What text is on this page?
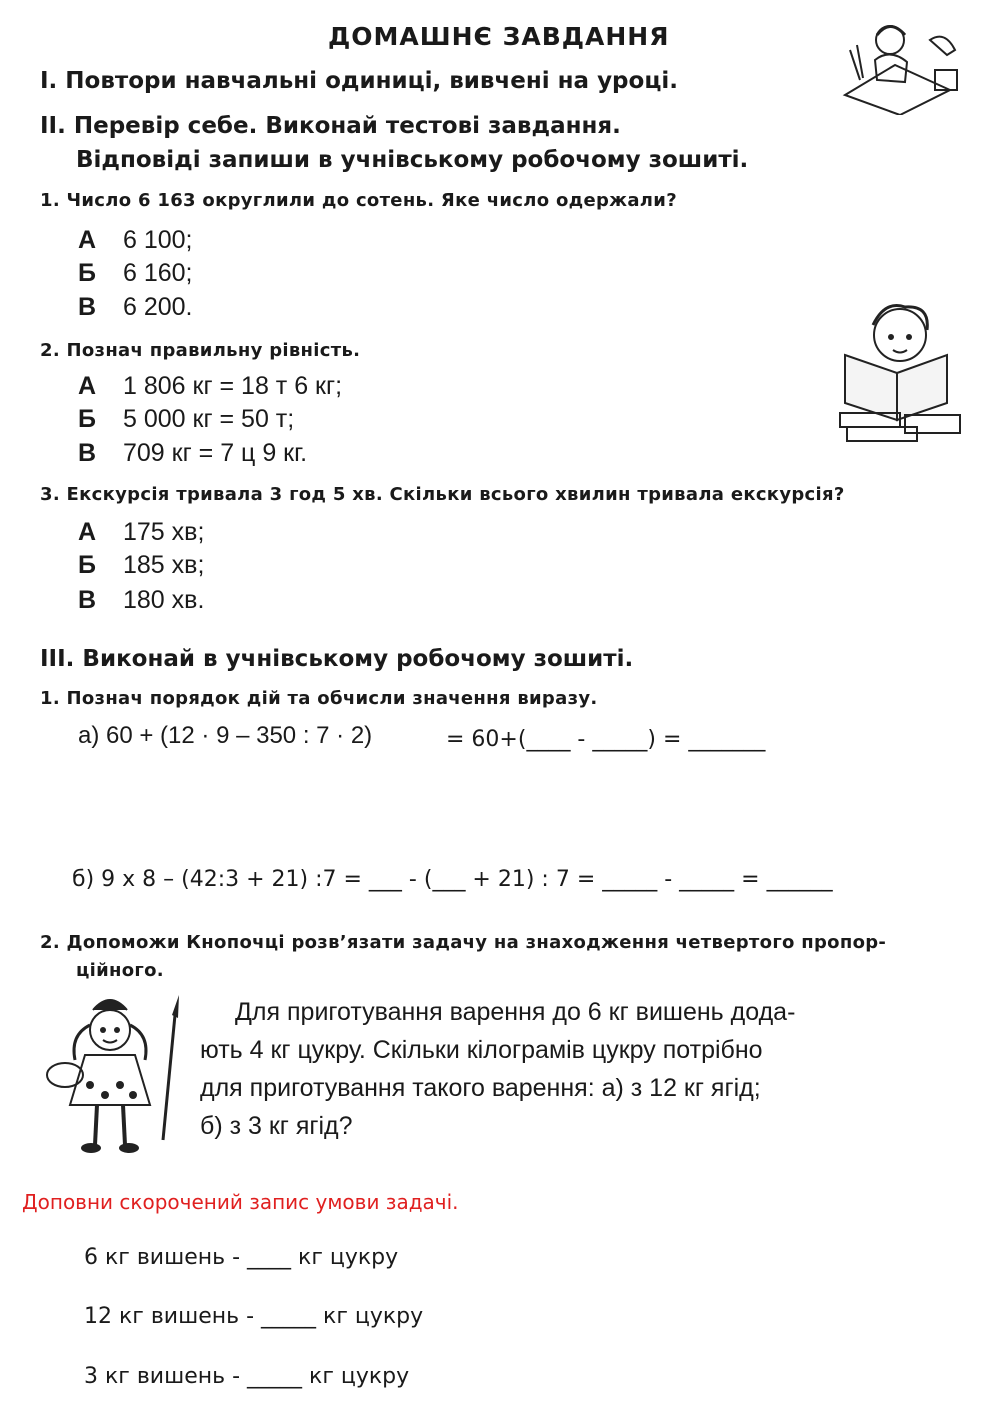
ДОМАШНЄ ЗАВДАННЯ
І. Повтори навчальні одиниці, вивчені на уроці.
ІІ. Перевір себе. Виконай тестові завдання.
Відповіді запиши в учнівському робочому зошиті.
1. Число 6 163 округлили до сотень. Яке число одержали?
А 6 100;
Б 6 160;
В 6 200.
2. Познач правильну рівність.
А 1 806 кг = 18 т 6 кг;
Б 5 000 кг = 50 т;
В 709 кг = 7 ц 9 кг.
3. Екскурсія тривала 3 год 5 хв. Скільки всього хвилин тривала екскурсія?
А 175 хв;
Б 185 хв;
В 180 хв.
ІІІ. Виконай в учнівському робочому зошиті.
1. Познач порядок дій та обчисли значення виразу.
а) 60 + (12 · 9 – 350 : 7 · 2)	= 60+(____ - _____) = _______
б) 9 х 8 – (42:3 + 21) :7 = ___ - (___ + 21) : 7 = _____ - _____ = ______
2. Допоможи Кнопочці розв’язати задачу на знаходження четвертого пропор-
ційного.
Для приготування варення до 6 кг вишень дода-
ють 4 кг цукру. Скільки кілограмів цукру потрібно
для приготування такого варення: а) з 12 кг ягід;
б) з 3 кг ягід?
Доповни скорочений запис умови задачі.
6 кг вишень - ____ кг цукру
12 кг вишень - _____ кг цукру
3 кг вишень - _____ кг цукру
